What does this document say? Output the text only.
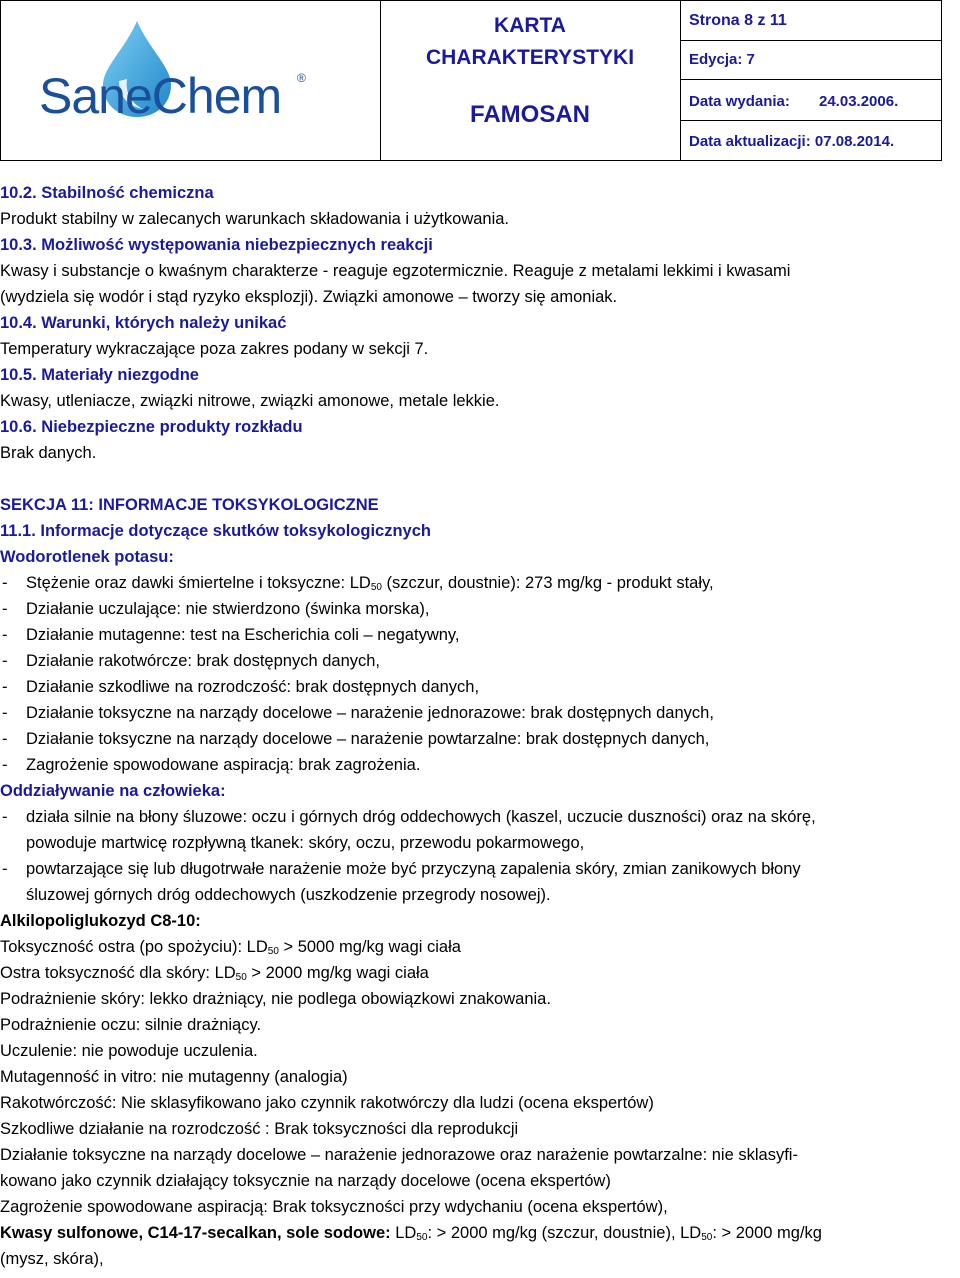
SaneChem ®
KARTA
CHARAKTERYSTYKI
FAMOSAN
Strona 8 z 11
Edycja: 7
Data wydania: 24.03.2006.
Data aktualizacji: 07.08.2014.
10.2. Stabilność chemiczna
Produkt stabilny w zalecanych warunkach składowania i użytkowania.
10.3. Możliwość występowania niebezpiecznych reakcji
Kwasy i substancje o kwaśnym charakterze - reaguje egzotermicznie. Reaguje z metalami lekkimi i kwasami
(wydziela się wodór i stąd ryzyko eksplozji). Związki amonowe – tworzy się amoniak.
10.4. Warunki, których należy unikać
Temperatury wykraczające poza zakres podany w sekcji 7.
10.5. Materiały niezgodne
Kwasy, utleniacze, związki nitrowe, związki amonowe, metale lekkie.
10.6. Niebezpieczne produkty rozkładu
Brak danych.
SEKCJA 11: INFORMACJE TOKSYKOLOGICZNE
11.1. Informacje dotyczące skutków toksykologicznych
Wodorotlenek potasu:
- Stężenie oraz dawki śmiertelne i toksyczne: $LD_{50}$ (szczur, doustnie): 273 mg/kg - produkt stały,
- Działanie uczulające: nie stwierdzono (świnka morska),
- Działanie mutagenne: test na Escherichia coli – negatywny,
- Działanie rakotwórcze: brak dostępnych danych,
- Działanie szkodliwe na rozrodczość: brak dostępnych danych,
- Działanie toksyczne na narządy docelowe – narażenie jednorazowe: brak dostępnych danych,
- Działanie toksyczne na narządy docelowe – narażenie powtarzalne: brak dostępnych danych,
- Zagrożenie spowodowane aspiracją: brak zagrożenia.
Oddziaływanie na człowieka:
- działa silnie na błony śluzowe: oczu i górnych dróg oddechowych (kaszel, uczucie duszności) oraz na skórę,
powoduje martwicę rozpływną tkanek: skóry, oczu, przewodu pokarmowego,
- powtarzające się lub długotrwałe narażenie może być przyczyną zapalenia skóry, zmian zanikowych błony
śluzowej górnych dróg oddechowych (uszkodzenie przegrody nosowej).
Alkilopoliglukozyd C8-10:
Toksyczność ostra (po spożyciu): $LD_{50} > 5000$ mg/kg wagi ciała
Ostra toksyczność dla skóry: $LD_{50} > 2000$ mg/kg wagi ciała
Podrażnienie skóry: lekko drażniący, nie podlega obowiązkowi znakowania.
Podrażnienie oczu: silnie drażniący.
Uczulenie: nie powoduje uczulenia.
Mutagenność in vitro: nie mutagenny (analogia)
Rakotwórczość: Nie sklasyfikowano jako czynnik rakotwórczy dla ludzi (ocena ekspertów)
Szkodliwe działanie na rozrodczość : Brak toksyczności dla reprodukcji
Działanie toksyczne na narządy docelowe – narażenie jednorazowe oraz narażenie powtarzalne: nie sklasyfi-
kowano jako czynnik działający toksycznie na narządy docelowe (ocena ekspertów)
Zagrożenie spowodowane aspiracją: Brak toksyczności przy wdychaniu (ocena ekspertów),
Kwasy sulfonowe, C14-17-secalkan, sole sodowe: $LD_{50}$: > 2000 mg/kg (szczur, doustnie), $LD_{50}$: > 2000 mg/kg
(mysz, skóra),
